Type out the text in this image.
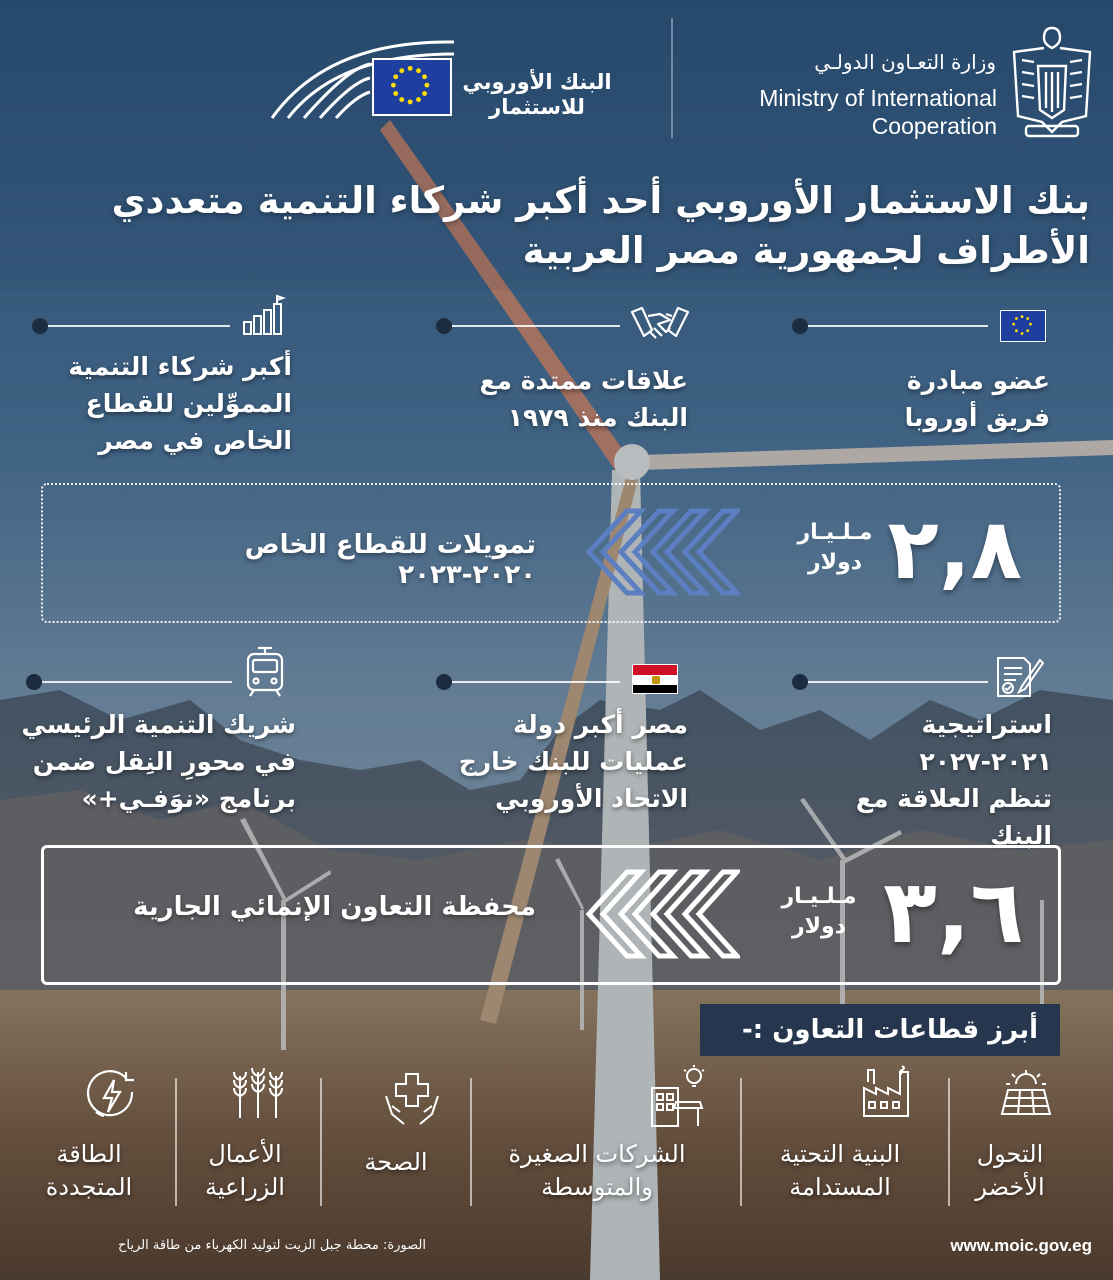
البنك الأوروبي
للاستثمار
وزارة التعـاون الدولـي
Ministry of International
Cooperation
بنك الاستثمار الأوروبي أحد أكبر شركاء التنمية متعددي
الأطراف لجمهورية مصر العربية
عضو مبادرة
فريق أوروبا
علاقات ممتدة مع
البنك منذ ١٩٧٩
أكبر شركاء التنمية
المموِّلين للقطاع
الخاص في مصر
٢,٨
مـلـيـار
دولار
تمويلات للقطاع الخاص ٢٠٢٠-٢٠٢٣
استراتيجية ٢٠٢١-٢٠٢٧
تنظم العلاقة مع
البنك
مصر أكبر دولة
عمليات للبنك خارج
الاتحاد الأوروبي
شريك التنمية الرئيسي
في محورِ النِقل ضمن
برنامج «نوَفـي+»
٣,٦
مـلـيـار
دولار
محفظة التعاون الإنمائي الجارية
أبرز قطاعات التعاون :-
التحول
الأخضر
البنية التحتية
المستدامة
الشركات الصغيرة
والمتوسطة
الصحة
الأعمال
الزراعية
الطاقة
المتجددة
www.moic.gov.eg
الصورة: محطة جبل الزيت لتوليد الكهرباء من طاقة الرياح
